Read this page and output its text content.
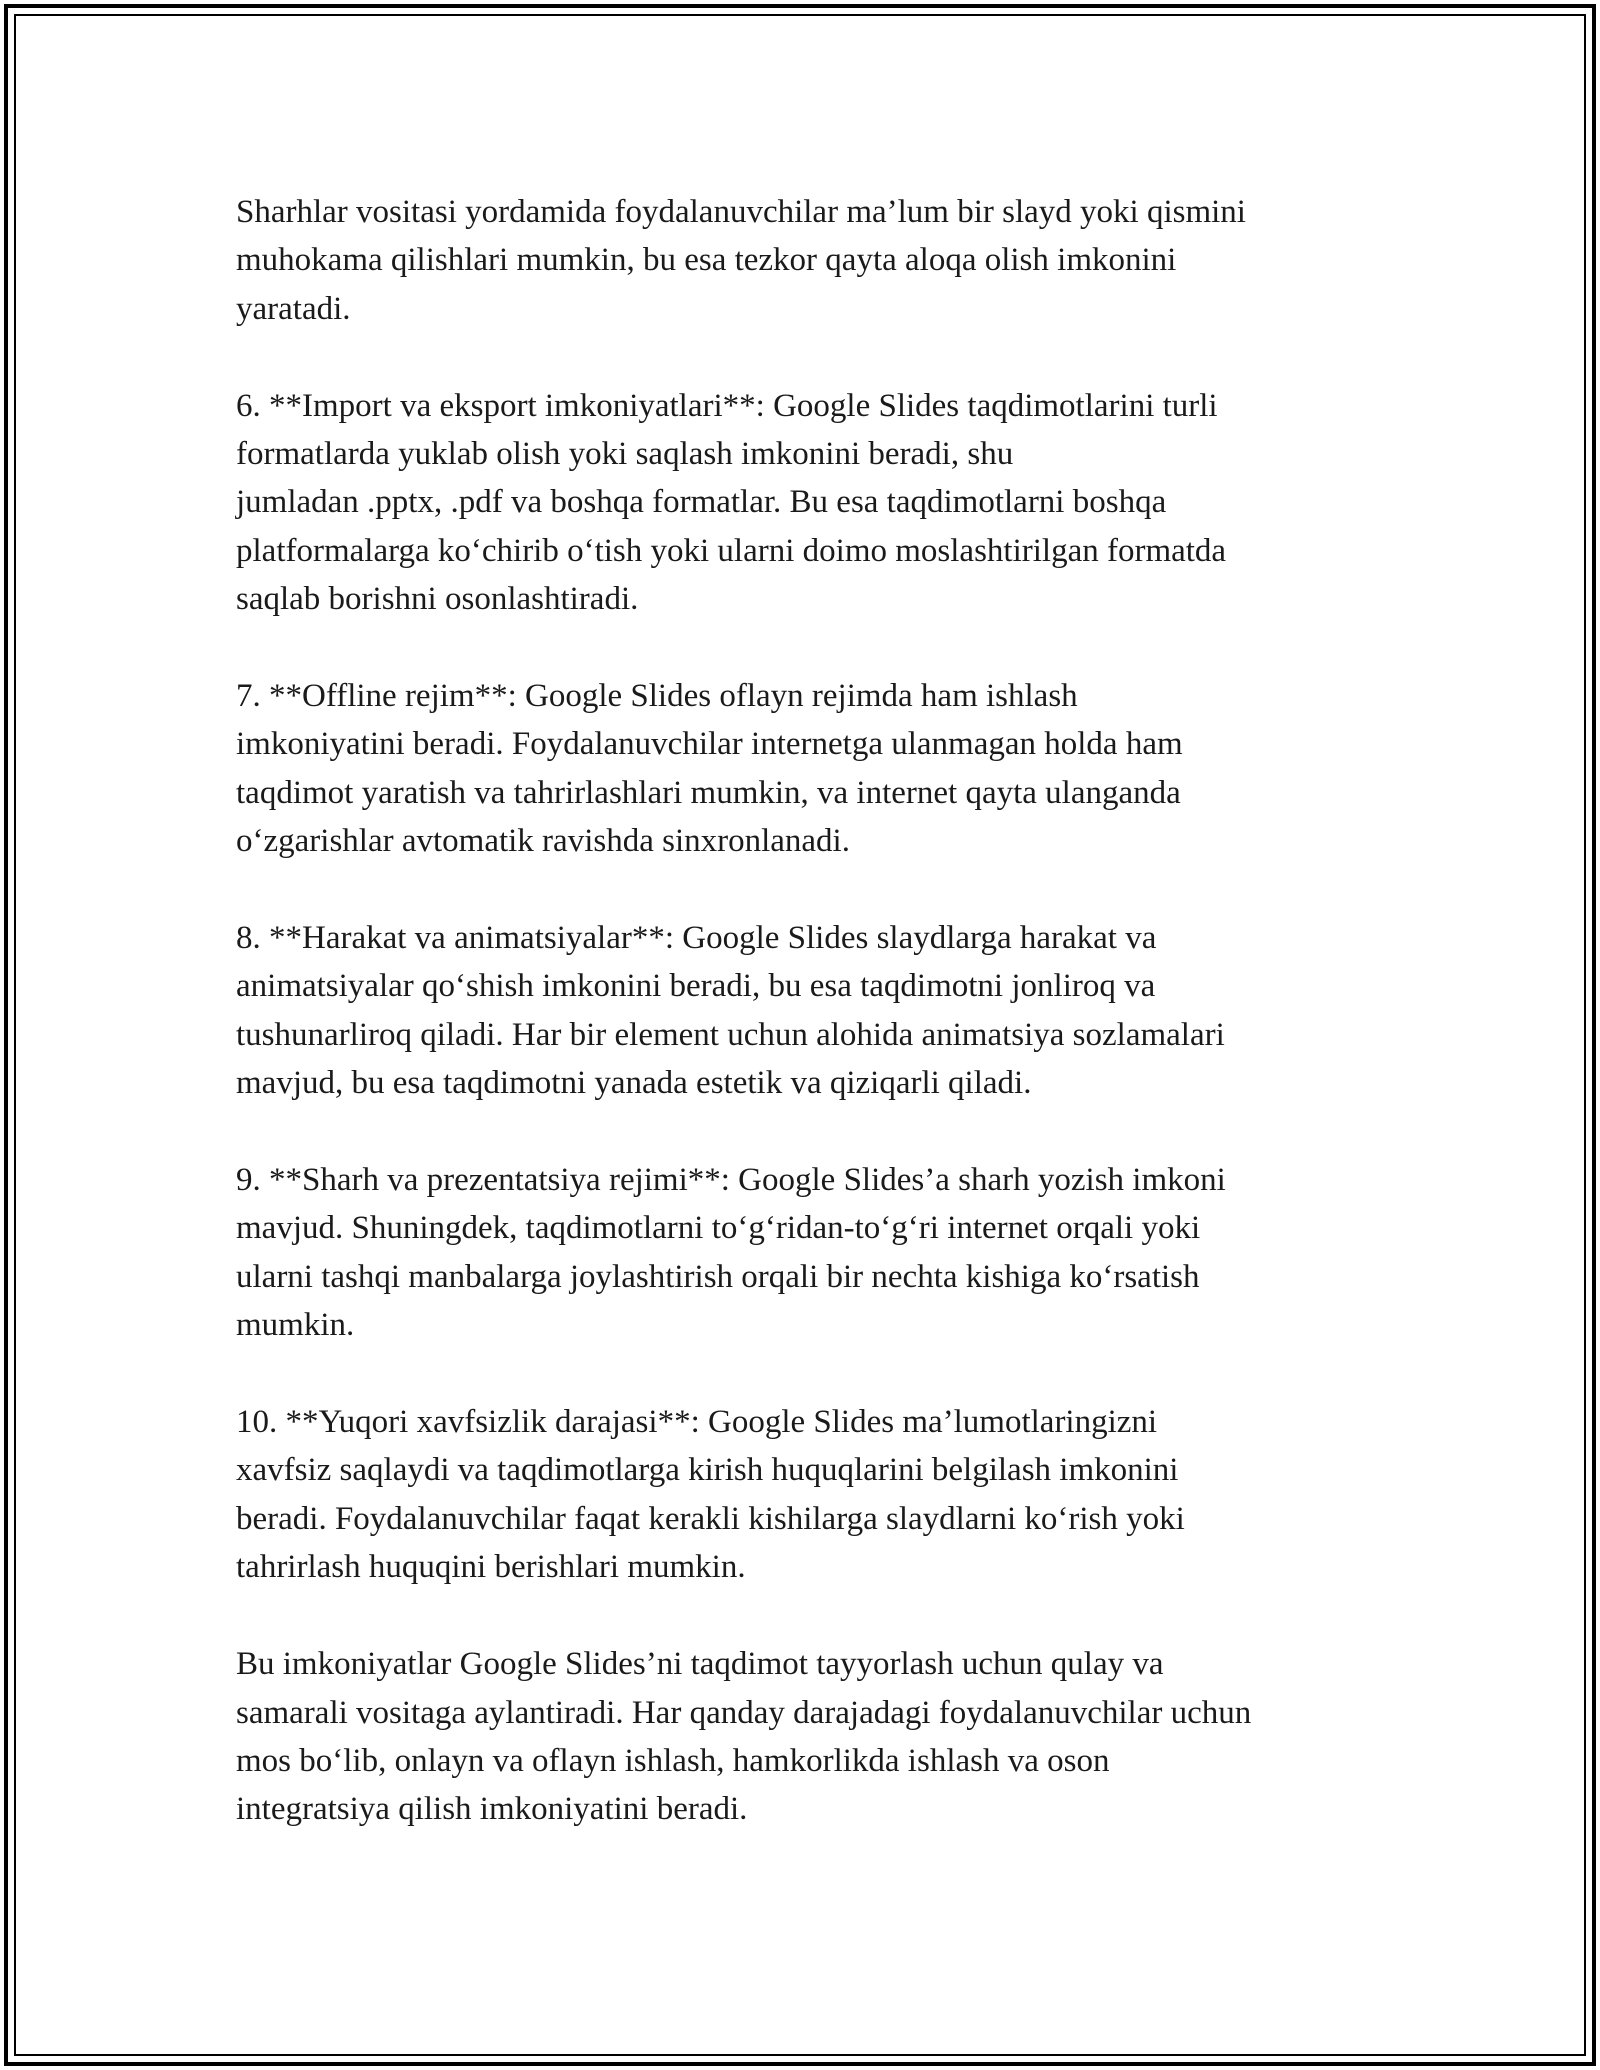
Sharhlar vositasi yordamida foydalanuvchilar ma’lum bir slayd yoki qismini
muhokama qilishlari mumkin, bu esa tezkor qayta aloqa olish imkonini
yaratadi.

6. **Import va eksport imkoniyatlari**: Google Slides taqdimotlarini turli
formatlarda yuklab olish yoki saqlash imkonini beradi, shu
jumladan .pptx, .pdf va boshqa formatlar. Bu esa taqdimotlarni boshqa
platformalarga ko‘chirib o‘tish yoki ularni doimo moslashtirilgan formatda
saqlab borishni osonlashtiradi.

7. **Offline rejim**: Google Slides oflayn rejimda ham ishlash
imkoniyatini beradi. Foydalanuvchilar internetga ulanmagan holda ham
taqdimot yaratish va tahrirlashlari mumkin, va internet qayta ulanganda
o‘zgarishlar avtomatik ravishda sinxronlanadi.

8. **Harakat va animatsiyalar**: Google Slides slaydlarga harakat va
animatsiyalar qo‘shish imkonini beradi, bu esa taqdimotni jonliroq va
tushunarliroq qiladi. Har bir element uchun alohida animatsiya sozlamalari
mavjud, bu esa taqdimotni yanada estetik va qiziqarli qiladi.

9. **Sharh va prezentatsiya rejimi**: Google Slides’a sharh yozish imkoni
mavjud. Shuningdek, taqdimotlarni to‘g‘ridan-to‘g‘ri internet orqali yoki
ularni tashqi manbalarga joylashtirish orqali bir nechta kishiga ko‘rsatish
mumkin.

10. **Yuqori xavfsizlik darajasi**: Google Slides ma’lumotlaringizni
xavfsiz saqlaydi va taqdimotlarga kirish huquqlarini belgilash imkonini
beradi. Foydalanuvchilar faqat kerakli kishilarga slaydlarni ko‘rish yoki
tahrirlash huquqini berishlari mumkin.

Bu imkoniyatlar Google Slides’ni taqdimot tayyorlash uchun qulay va
samarali vositaga aylantiradi. Har qanday darajadagi foydalanuvchilar uchun
mos bo‘lib, onlayn va oflayn ishlash, hamkorlikda ishlash va oson
integratsiya qilish imkoniyatini beradi.
